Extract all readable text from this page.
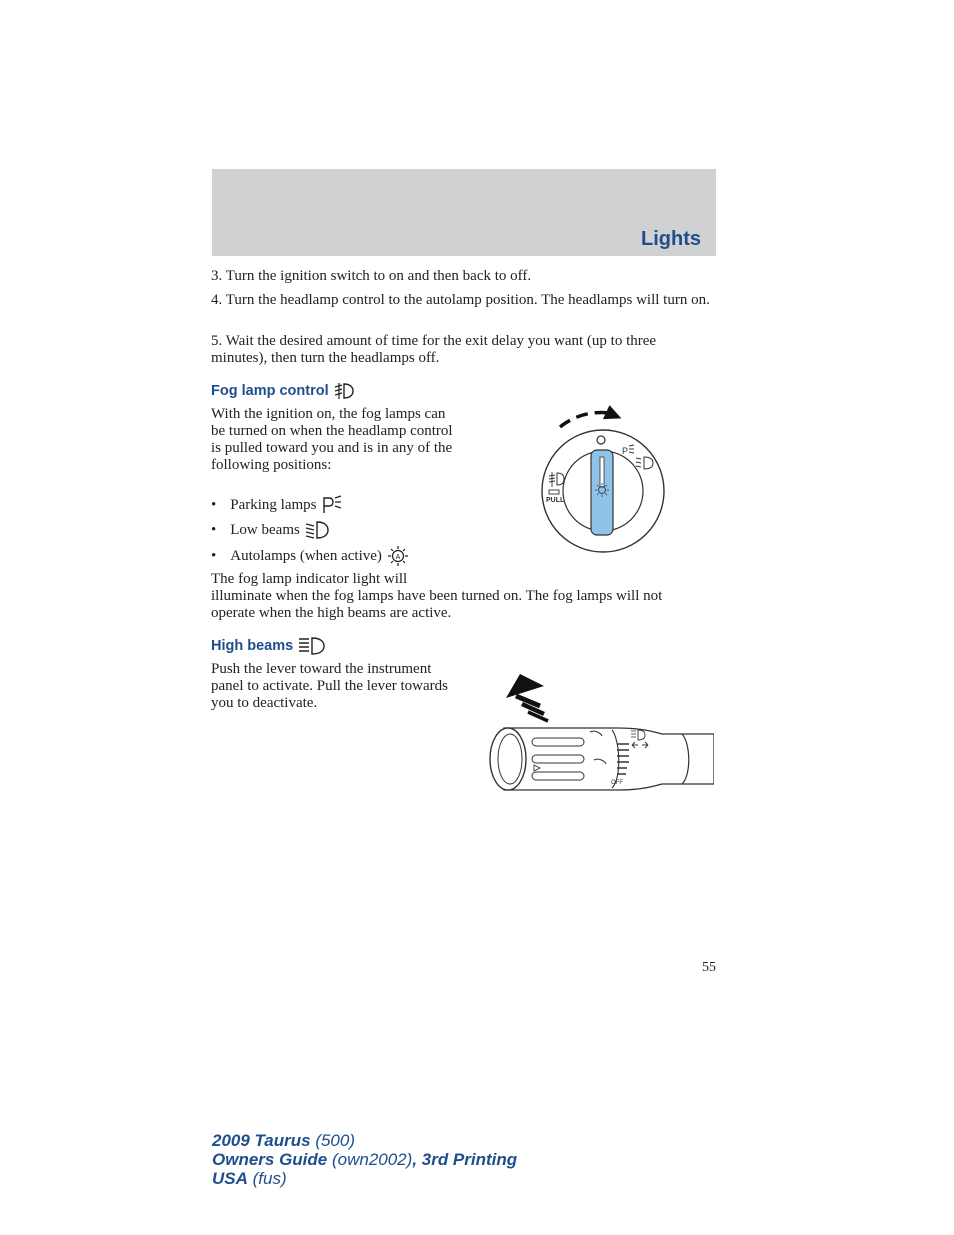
Lights
3. Turn the ignition switch to on and then back to off.
4. Turn the headlamp control to the autolamp position. The headlamps will turn on.
5. Wait the desired amount of time for the exit delay you want (up to three minutes), then turn the headlamps off.
Fog lamp control
With the ignition on, the fog lamps can be turned on when the headlamp control is pulled toward you and is in any of the following positions:
• Parking lamps
• Low beams
• Autolamps (when active) A
The fog lamp indicator light will
illuminate when the fog lamps have been turned on. The fog lamps will not operate when the high beams are active.
P
PULL
High beams
Push the lever toward the instrument panel to activate. Pull the lever towards you to deactivate.
OFF
55
2009 Taurus (500)
Owners Guide (own2002), 3rd Printing
USA (fus)
